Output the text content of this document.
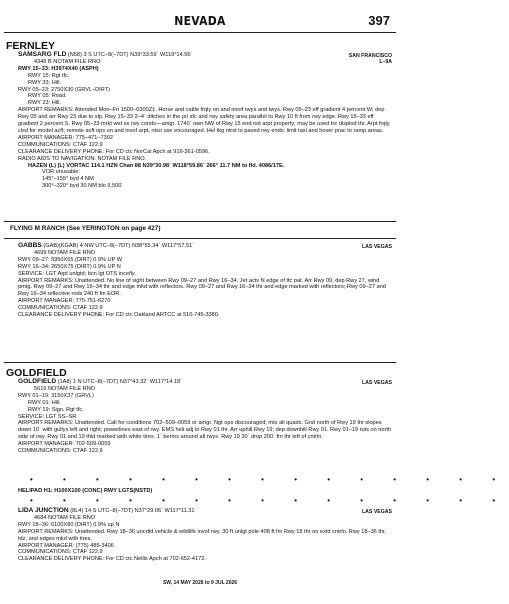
NEVADA	397
FERNLEY
SAMSARG FLD (N58) 3 S UTC–8(–7DT) N39°33.59´ W119°14.56´	SAN FRANCISCO
4346 B NOTAM FILE RNO	L–9A
RWY 15–33: H3974X40 (ASPH)
RWY 15: Rgt tfc.
RWY 33: Hill.
RWY 05–23: 2750X30 (GRVL–DIRT)
RWY 05: Road.
RWY 23: Hill.
AIRPORT REMARKS: Attended Mon–Fri 1500–0300Z‡. Horse and cattle frqly on and invof rwys and twys. Rwy 05–23 eff gradient 4 percent W; dep Rwy 05 and arr Rwy 23 due to slp. Rwy 15–33 2–4´ ditches in the pri sfc and rwy safety area parallel to Rwy 10 ft from rwy edge. Rwy 15–33 eff gradient 2 percent S. Rwy 05–23 mrkt wet sx rwy conds—amgr. 1740´ own NW of Rwy 15 end not arpt property; may be used for displod thr. Arpt frqly clsd for model acft; remote acft ops on and invof arpt, ntso use encouraged. Hel tkg ntrst to paved rwy ends; limit taxi and hover prac to ramp areas.
AIRPORT MANAGER: 775–471–7302
COMMUNICATIONS: CTAF 122.9
CLEARANCE DELIVERY PHONE: For CD ctc NorCal Apch at 916-361-0596.
RADIO AIDS TO NAVIGATION: NOTAM FILE RNO.
HAZEN (L) (L) VORTAC 114.1 HZN Chan 88 N39°30.98´ W118°59.86´ 266° 11.7 NM to fld. 4086/17E.
VOR unusable:
145°–155° byd 4 NM
300°–320° byd 30 NM blo 9,500´
FLYING M RANCH (See YERINGTON on page 427)
GABBS (GAB)(KGAB) 4 NW UTC–8(–7DT) N38°55.34´ W117°57.51´	LAS VEGAS
4699 NOTAM FILE RNO
RWY 09–27: 5950X65 (DIRT) 0.9% UP W
RWY 16–34: 2650X75 (DIRT) 0.9% UP N
SERVICE: LGT Arpt unlgtd; bcn lgt OTS incefly.
AIRPORT REMARKS: Unattended. No line of sight between Rwy 09–27 and Rwy 16–34. Jet actv N edge of tfc pat. Arr Rwy 09, dep Rwy 27, wind pmtg. Rwy 09–27 and Rwy 16–34 thr and edge mkd with reflectors. Rwy 09–27 and Rwy 16–34 thr and edge marked with reflectors; Rwy 09–27 and Rwy 16–34 reflective rods 240 ft fm EOR.
AIRPORT MANAGER: 775-751-6270
COMMUNICATIONS: CTAF 122.9
CLEARANCE DELIVERY PHONE: For CD ctc Oakland ARTCC at 510-745-3380.
GOLDFIELD
GOLDFIELD (1A8) 1 N UTC–8(–7DT) N37°43.32´ W117°14.18´	LAS VEGAS
5616 NOTAM FILE RNO
RWY 01–19: 3150X37 (GRVL)
RWY 01: Hill.
RWY 19: Sign. Rgt tfc.
SERVICE: LGT SS–SR
AIRPORT REMARKS: Unattended. Call for conditions 702–509–0059 or amgr. Ngt ops discouraged; mts all quads. Gnd north of Rwy 19 thr slopes down 10´ with gullys left and right; powerlines east of rwy. EMS heli adj to Rwy 01 thr. Arr uphill Rwy 19; dep downhill Rwy 01. Rwy 01–19 ruts on north side of rwy. Rwy 01 and 19 thld marked with white tires. 1´ berms around all rwys. Rwy 19 30´ drop 200´ fm thr left of cntrln.
AIRPORT MANAGER: 702-509-0059
COMMUNICATIONS: CTAF 122.9
• • • • • • • • • • • • • • •
HELIPAD H1: H100X100 (CONC) RWY LGTS(NSTD)
• • • • • • • • • • • • • • •
LIDA JUNCTION (8L4) 14 S UTC–8(–7DT) N37°29.06´ W117°11.31´	LAS VEGAS
4684 NOTAM FILE RNO
RWY 18–36: 6100X80 (DIRT) 0.9% up N
AIRPORT REMARKS: Unattended. Rwy 18–36 uncrtld vehicle & wildlife invof rwy. 30 ft unlgt pole 408 ft fm Rwy 18 thr on extd cntrln. Rwy 18–36 thr, tdz, and edges mkd with tires.
AIRPORT MANAGER: (775) 485-3406
COMMUNICATIONS: CTAF 122.9
CLEARANCE DELIVERY PHONE: For CD ctc Nellis Apch at 702-652-4172.
SW, 14 MAY 2026 to 9 JUL 2026
